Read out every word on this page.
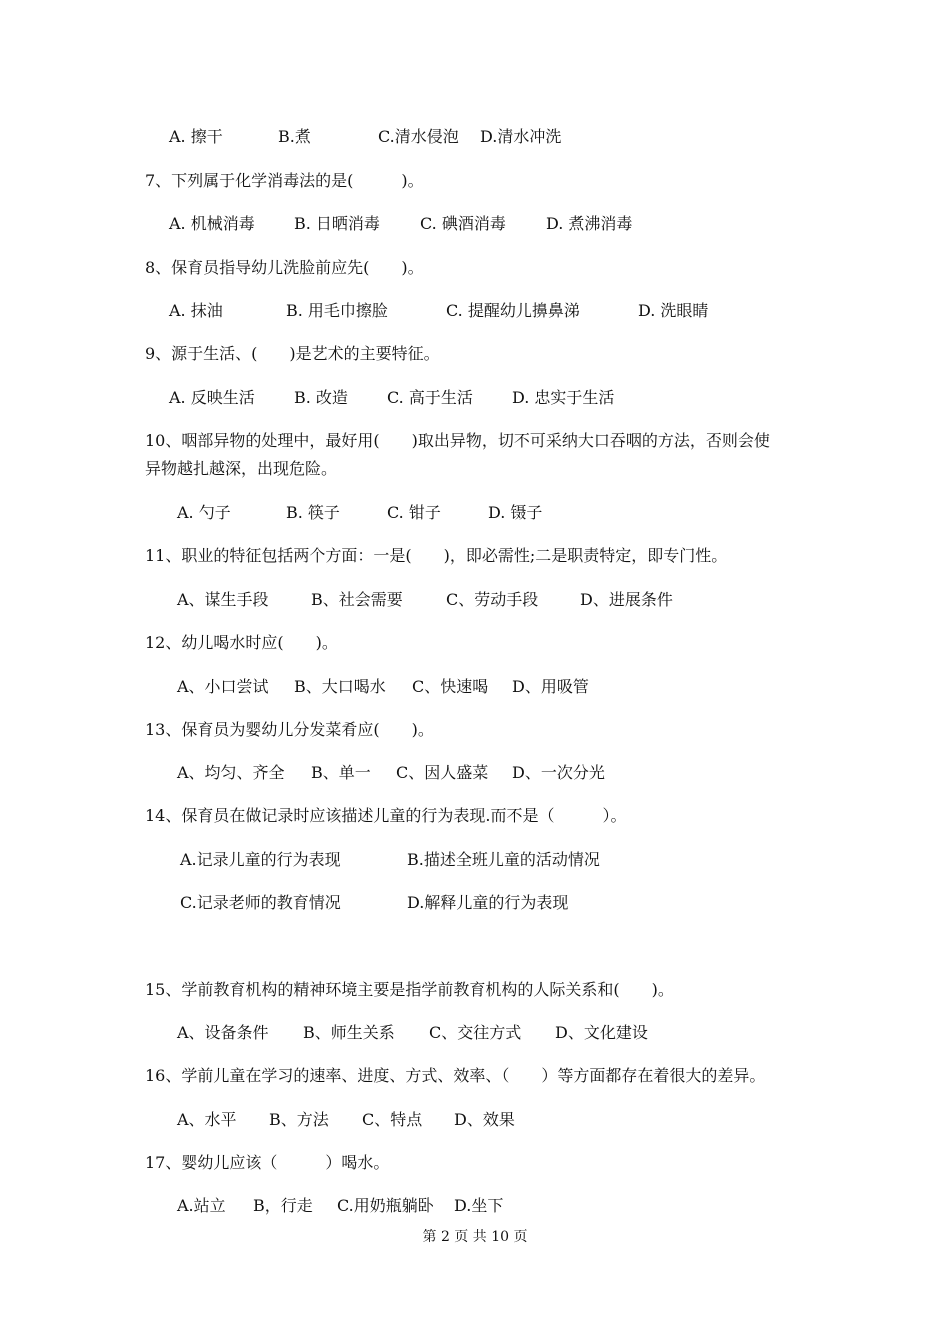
A. 擦干	B.煮	C.清水侵泡 D.清水冲洗
7、下列属于化学消毒法的是(　　　)。
A. 机械消毒 B. 日晒消毒	C. 碘酒消毒	D. 煮沸消毒
8、保育员指导幼儿洗脸前应先(　　)。
A. 抹油	B. 用毛巾擦脸	C. 提醒幼儿擤鼻涕	D. 洗眼睛
9、源于生活、(　　)是艺术的主要特征。
A. 反映生活 B. 改造 C. 高于生活 D. 忠实于生活
10、咽部异物的处理中，最好用(　　)取出异物，切不可采纳大口吞咽的方法，否则会使
异物越扎越深，出现危险。
A. 勺子	B. 筷子	C. 钳子	D. 镊子
11、职业的特征包括两个方面：一是(　　)，即必需性;二是职责特定，即专门性。
A、谋生手段	B、社会需要	C、劳动手段	D、进展条件
12、幼儿喝水时应(　　)。
A、小口尝试 B、大口喝水 C、快速喝 D、用吸管
13、保育员为婴幼儿分发菜肴应(　　)。
A、均匀、齐全 B、单一 C、因人盛菜 D、一次分光
14、保育员在做记录时应该描述儿童的行为表现.而不是（　　　）。
A.记录儿童的行为表现	B.描述全班儿童的活动情况
C.记录老师的教育情况	D.解释儿童的行为表现
15、学前教育机构的精神环境主要是指学前教育机构的人际关系和(　　)。
A、设备条件 B、师生关系 C、交往方式 D、文化建设
16、学前儿童在学习的速率、进度、方式、效率、（　　）等方面都存在着很大的差异。
A、水平 B、方法 C、特点 D、效果
17、婴幼儿应该（　　　）喝水。
A.站立 B，行走 C.用奶瓶躺卧 D.坐下
第 2 页 共 10 页
